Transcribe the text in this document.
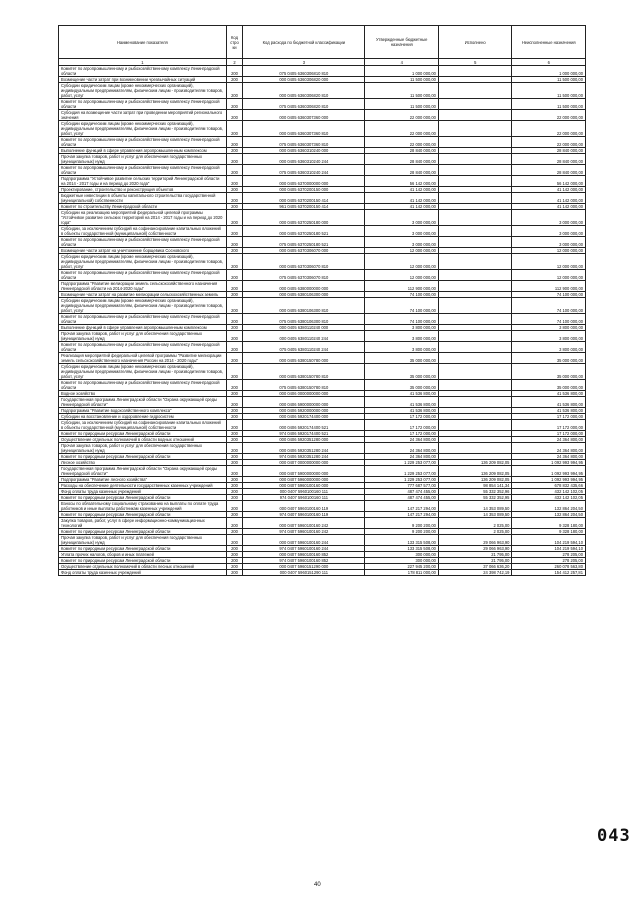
Наименование показателя	Код стро ки	Код расхода по бюджетной классификации	Утвержденные бюджетные назначения	Исполнено	Неисполненные назначения
1	2	3	4	5	6
Комитет по агропромышленному и рыбохозяйственному комплексу Ленинградской области	200	075 0405 6360306810 810	1 000 000,00		1 000 000,00
Возмещение части затрат при возникновении чрезвычайных ситуаций	200	000 0405 6360306820 000	11 500 000,00		11 500 000,00
Субсидии юридическим лицам (кроме некоммерческих организаций), индивидуальным предпринимателям, физическим лицам - производителям товаров, работ, услуг	200	000 0405 6360306820 810	11 500 000,00		11 500 000,00
Комитет по агропромышленному и рыбохозяйственному комплексу Ленинградской области	200	075 0405 6360306820 810	11 500 000,00		11 500 000,00
Субсидия на возмещение части затрат при проведении мероприятий регионального значения	200	000 0405 6360307360 000	22 000 000,00		22 000 000,00
Субсидии юридическим лицам (кроме некоммерческих организаций), индивидуальным предпринимателям, физическим лицам - производителям товаров, работ, услуг	200	000 0405 6360307360 810	22 000 000,00		22 000 000,00
Комитет по агропромышленному и рыбохозяйственному комплексу Ленинградской области	200	075 0405 6360307360 810	22 000 000,00		22 000 000,00
Выполнение функций в сфере управления агропромышленным комплексом	200	000 0405 6360310240 000	28 840 000,00		28 840 000,00
Прочая закупка товаров, работ и услуг для обеспечения государственных (муниципальных) нужд	200	000 0405 6360310240 244	28 840 000,00		28 840 000,00
Комитет по агропромышленному и рыбохозяйственному комплексу Ленинградской области	200	075 0405 6360310240 244	28 840 000,00		28 840 000,00
Подпрограмма "Устойчивое развитие сельских территорий Ленинградской области на 2014 - 2017 годы и на период до 2020 года"	200	000 0405 6370000000 000	56 142 000,00		56 142 000,00
Проектирование, строительство и реконструкция объектов	200	000 0405 6370200150 000	41 142 000,00		41 142 000,00
Бюджетные инвестиции в объекты капитального строительства государственной (муниципальной) собственности	200	000 0405 6370200150 414	41 142 000,00		41 142 000,00
Комитет по строительству Ленинградской области	200	961 0405 6370200150 414	41 142 000,00		41 142 000,00
Субсидии на реализацию мероприятий федеральной целевой программы "Устойчивое развитие сельских территорий на 2014 - 2017 годы и на период до 2020 года"	200	000 0405 6370250180 000	3 000 000,00		3 000 000,00
Субсидии, за исключением субсидий на софинансирование капитальных вложений в объекты государственной (муниципальной) собственности	200	000 0405 6370250180 521	3 000 000,00		3 000 000,00
Комитет по агропромышленному и рыбохозяйственному комплексу Ленинградской области	200	075 0405 6370250180 521	3 000 000,00		3 000 000,00
Возмещение части затрат на уничтожение борщевика Сосновского	200	000 0405 6370306070 000	12 000 000,00		12 000 000,00
Субсидии юридическим лицам (кроме некоммерческих организаций), индивидуальным предпринимателям, физическим лицам - производителям товаров, работ, услуг	200	000 0405 6370306070 810	12 000 000,00		12 000 000,00
Комитет по агропромышленному и рыбохозяйственному комплексу Ленинградской области	200	075 0405 6370306070 810	12 000 000,00		12 000 000,00
Подпрограмма "Развитие мелиорации земель сельскохозяйственного назначения Ленинградской области на 2014-2020 годы"	200	000 0405 6380000000 000	112 900 000,00		112 900 000,00
Возмещение части затрат на развитие мелиорации сельскохозяйственных земель	200	000 0405 6380106300 000	74 100 000,00		74 100 000,00
Субсидии юридическим лицам (кроме некоммерческих организаций), индивидуальным предпринимателям, физическим лицам - производителям товаров, работ, услуг	200	000 0405 6380106300 810	74 100 000,00		74 100 000,00
Комитет по агропромышленному и рыбохозяйственному комплексу Ленинградской области	200	075 0405 6380106300 810	74 100 000,00		74 100 000,00
Выполнение функций в сфере управления агропромышленным комплексом	200	000 0405 6380110240 000	3 800 000,00		3 800 000,00
Прочая закупка товаров, работ и услуг для обеспечения государственных (муниципальных) нужд	200	000 0405 6380110240 244	3 800 000,00		3 800 000,00
Комитет по агропромышленному и рыбохозяйственному комплексу Ленинградской области	200	075 0405 6380110240 244	3 800 000,00		3 800 000,00
Реализация мероприятий федеральной целевой программы "Развитие мелиорации земель сельскохозяйственного назначения России на 2014 - 2020 годы"	200	000 0405 6380150780 000	35 000 000,00		35 000 000,00
Субсидии юридическим лицам (кроме некоммерческих организаций), индивидуальным предпринимателям, физическим лицам - производителям товаров, работ, услуг	200	000 0405 6380150780 810	35 000 000,00		35 000 000,00
Комитет по агропромышленному и рыбохозяйственному комплексу Ленинградской области	200	075 0405 6380150780 810	35 000 000,00		35 000 000,00
Водное хозяйство	200	000 0406 0000000000 000	41 536 800,00		41 536 800,00
Государственная программа Ленинградской области "Охрана окружающей среды Ленинградской области"	200	000 0406 5900000000 000	41 536 800,00		41 536 800,00
Подпрограмма "Развитие водохозяйственного комплекса"	200	000 0406 5920000000 000	41 536 800,00		41 536 800,00
Субсидии на восстановление и оздоровление гидросистем	200	000 0406 5920174400 000	17 172 000,00		17 172 000,00
Субсидии, за исключением субсидий на софинансирование капитальных вложений в объекты государственной (муниципальной) собственности	200	000 0406 5920174400 521	17 172 000,00		17 172 000,00
Комитет по природным ресурсам Ленинградской области	200	974 0406 5920174400 521	17 172 000,00		17 172 000,00
Осуществление отдельных полномочий в области водных отношений	200	000 0406 5920351280 000	24 364 800,00		24 364 800,00
Прочая закупка товаров, работ и услуг для обеспечения государственных (муниципальных) нужд	200	000 0406 5920351280 244	24 364 800,00		24 364 800,00
Комитет по природным ресурсам Ленинградской области	200	974 0406 5920351280 244	24 364 800,00		24 364 800,00
Лесное хозяйство	200	000 0407 0000000000 000	1 229 253 077,00	136 209 082,05	1 092 993 994,95
Государственная программа Ленинградской области "Охрана окружающей среды Ленинградской области"	200	000 0407 5900000000 000	1 229 253 077,00	136 209 082,05	1 092 993 994,95
Подпрограмма "Развитие лесного хозяйства"	200	000 0407 5960000000 000	1 229 253 077,00	136 209 082,05	1 092 993 994,95
Расходы на обеспечение деятельности государственных казенных учреждений	200	000 0407 5960100160 000	777 687 577,00	98 854 141,34	678 832 435,66
Фонд оплаты труда казенных учреждений	200	000 0407 5960100160 111	487 474 455,00	55 332 352,96	432 142 102,05
Комитет по природным ресурсам Ленинградской области	200	974 0407 5960100160 111	487 474 455,00	55 332 352,95	432 142 102,05
Взносы по обязательному социальному страхованию на выплаты по оплате труда работников и иные выплаты работникам казенных учреждений	200	000 0407 5960100160 119	147 217 294,00	14 353 089,50	132 864 204,50
Комитет по природным ресурсам Ленинградской области	200	974 0407 5960100160 119	147 217 294,00	14 353 089,50	132 864 204,50
Закупка товаров, работ, услуг в сфере информационно-коммуникационных технологий	200	000 0407 5960100160 242	9 200 200,00	2 025,00	9 328 180,00
Комитет по природным ресурсам Ленинградской области	200	974 0407 5960100160 242	9 200 200,00	2 025,00	9 328 180,00
Прочая закупка товаров, работ и услуг для обеспечения государственных (муниципальных) нужд	200	000 0407 5960100160 244	133 315 508,00	29 066 963,90	104 219 594,10
Комитет по природным ресурсам Ленинградской области	200	974 0407 5960100160 244	133 315 508,00	29 066 963,90	104 219 594,10
Уплата прочих налогов, сборов и иных платежей	200	000 0407 5960100160 852	300 000,00	21 795,00	278 205,00
Комитет по природным ресурсам Ленинградской области	200	974 0407 5960100160 852	300 000,00	21 795,00	278 205,00
Осуществление отдельных полномочий в области лесных отношений	200	000 0407 5960151290 000	227 945 200,00	37 066 636,20	260 078 563,80
Фонд оплаты труда казенных учреждений	200	000 0407 5960151290 111	178 811 000,00	24 398 742,19	154 412 257,81
40
043
